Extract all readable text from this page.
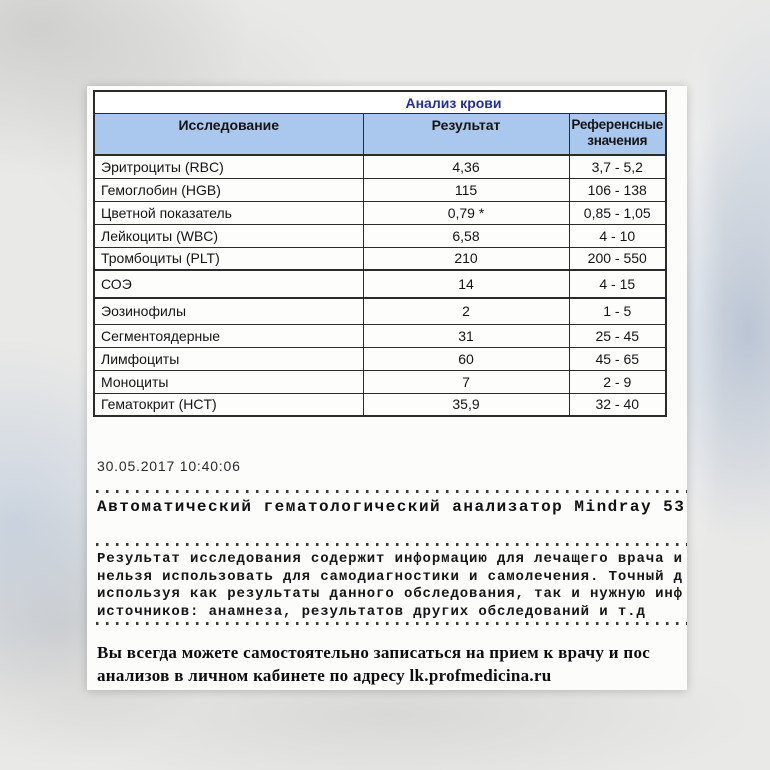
Анализ крови		
Исследование	Результат	Референсные значения
Эритроциты (RBC)	4,36	3,7 - 5,2
Гемоглобин (HGB)	115	106 - 138
Цветной показатель	0,79 *	0,85 - 1,05
Лейкоциты (WBC)	6,58	4 - 10
Тромбоциты (PLT)	210	200 - 550
СОЭ	14	4 - 15
Эозинофилы	2	1 - 5
Сегментоядерные	31	25 - 45
Лимфоциты	60	45 - 65
Моноциты	7	2 - 9
Гематокрит (HCT)	35,9	32 - 40
30.05.2017 10:40:06
Автоматический гематологический анализатор Mindray 53
Результат исследования содержит информацию для лечащего врача и
нельзя использовать для самодиагностики и самолечения. Точный д
используя как результаты данного обследования, так и нужную инф
источников: анамнеза, результатов других обследований и т.д
Вы всегда можете самостоятельно записаться на прием к врачу и пос
анализов в личном кабинете по адресу lk.profmedicina.ru
